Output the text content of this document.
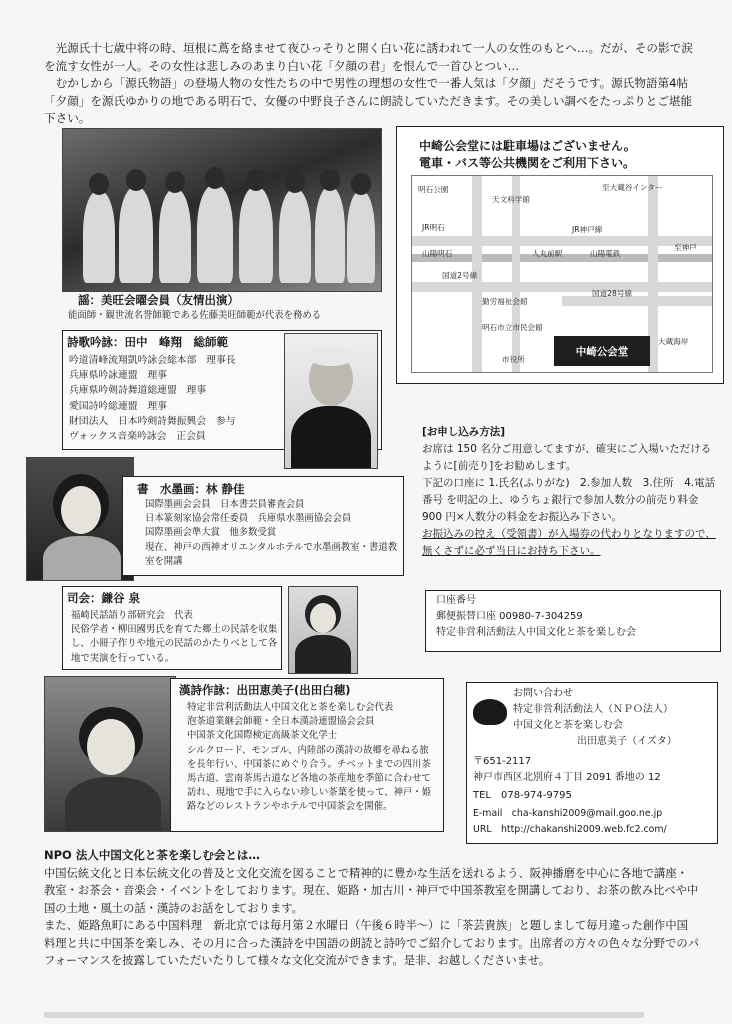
光源氏十七歳中将の時、垣根に蔦を絡ませて夜ひっそりと開く白い花に誘われて一人の女性のもとへ…。だが、その影で涙を流す女性が一人。その女性は悲しみのあまり白い花「夕顔の君」を恨んで一首ひとつい…

むかしから「源氏物語」の登場人物の女性たちの中で男性の理想の女性で一番人気は「夕顔」だそうです。源氏物語第4帖「夕顔」を源氏ゆかりの地である明石で、女優の中野良子さんに朗読していただきます。その美しい調べをたっぷりとご堪能下さい。

謡：美旺会曜会員（友情出演）
能面師・観世流名誉師範である佐藤美旺師範が代表を務める
詩歌吟詠：田中　峰翔　総師範
吟道清峰流翔凱吟詠会総本部　理事長
兵庫県吟詠連盟　理事
兵庫県吟剣詩舞道総連盟　理事
愛国詩吟総連盟　理事
財団法人　日本吟剣詩舞振興会　参与
ヴォックス音楽吟詠会　正会員
書　水墨画：林 静佳
国際墨画会会員　日本書芸員審査会員
日本篆刻家協会常任委員　兵庫県水墨画協会会員
国際墨画会準大賞　他多数受賞
現在、神戸の西神オリエンタルホテルで水墨画教室・書道教室を開講
司会：鎌谷 泉
福崎民話語り部研究会　代表
民俗学者・柳田國男氏を育てた郷土の民話を収集し、小冊子作りや地元の民話のかたりべとして各地で実演を行っている。
漢詩作詠：出田恵美子(出田白穂)
特定非営利活動法人中国文化と茶を楽しむ会代表
泡茶道業継会師範・全日本漢詩連盟協会会員
中国茶文化国際検定高級茶文化学士
シルクロード、モンゴル、内陸部の漢詩の故郷を尋ねる旅を長年行い、中国茶にめぐり合う。チベットまでの四川茶馬古道、雲南茶馬古道など各地の茶産地を季節に合わせて訪れ、現地で手に入らない珍しい茶葉を使って、神戸・姫路などのレストランやホテルで中国茶会を開催。
中崎公会堂には駐車場はございません。
電車・バス等公共機関をご利用下さい。
明石公園
天文科学館
至大蔵谷インター
JR明石	JR神戸線
至神戸
山陽明石	人丸前駅	山陽電鉄
国道2号線
勤労福祉会館
明石市立市民会館
国道28号線
市役所
大蔵海岸
中崎公会堂
[お申し込み方法]
お席は 150 名分ご用意してますが、確実にご入場いただけるように[前売り]をお勧めします。
下記の口座に 1.氏名(ふりがな)　2.参加人数　3.住所　4.電話番号 を明記の上、ゆうちょ銀行で参加人数分の前売り料金 900 円×人数分の料金をお振込み下さい。
お振込みの控え（受領書）が入場券の代わりとなりますので、無くさずに必ず当日にお持ち下さい。
口座番号
郵便振替口座 00980-7-304259
特定非営利活動法人中国文化と茶を楽しむ会
お問い合わせ
特定非営利活動法人（ＮＰＯ法人）
中国文化と茶を楽しむ会
出田恵美子（イズタ）
〒651-2117
神戸市西区北別府４丁目 2091 番地の 12
TEL　078-974-9795
E-mail　cha-kanshi2009@mail.goo.ne.jp
URL　http://chakanshi2009.web.fc2.com/
NPO 法人中国文化と茶を楽しむ会とは…

中国伝統文化と日本伝統文化の普及と文化交流を図ることで精神的に豊かな生活を送れるよう、阪神播磨を中心に各地で講座・教室・お茶会・音楽会・イベントをしております。現在、姫路・加古川・神戸で中国茶教室を開講しており、お茶の飲み比べや中国の土地・風土の話・漢詩のお話をしております。

また、姫路魚町にある中国料理　新北京では毎月第２水曜日（午後６時半～）に「茶芸貴族」と題しまして毎月違った創作中国料理と共に中国茶を楽しみ、その月に合った漢詩を中国語の朗読と詩吟でご紹介しております。出席者の方々の色々な分野でのパフォーマンスを披露していただいたりして様々な文化交流ができます。是非、お越しくださいませ。
